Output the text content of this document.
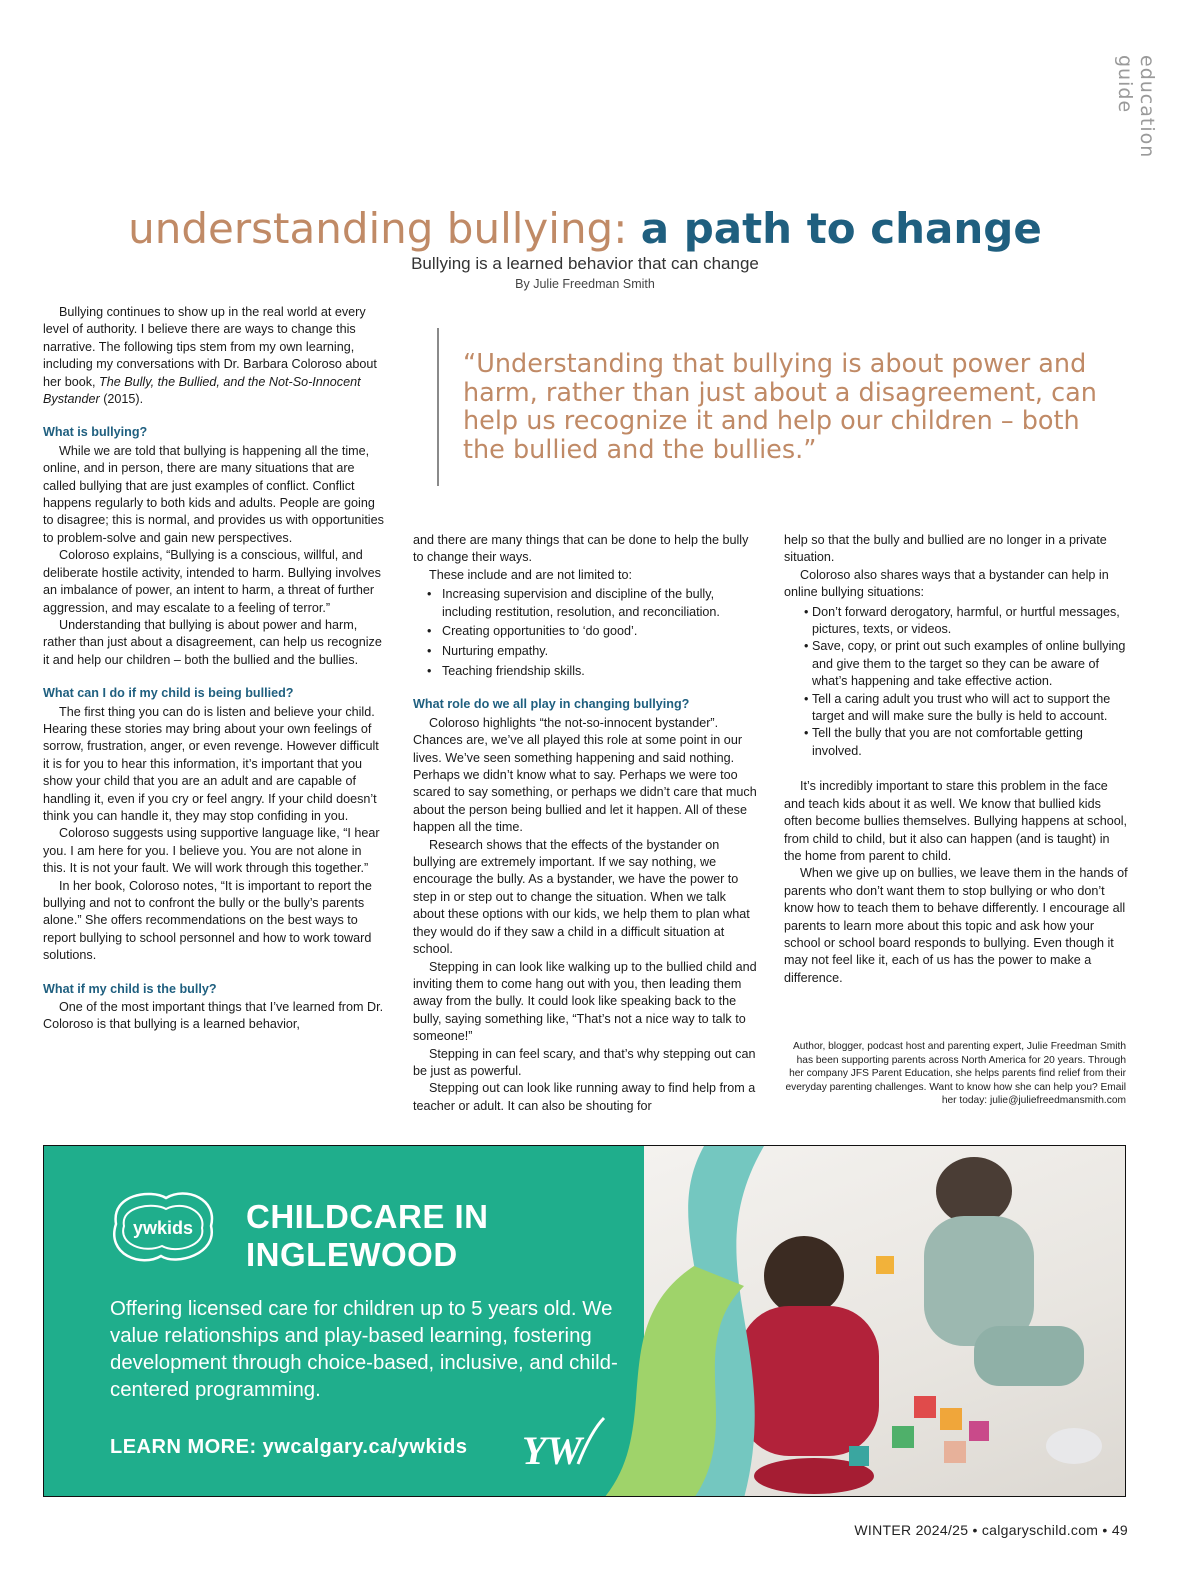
education guide
understanding bullying: a path to change
Bullying is a learned behavior that can change
By Julie Freedman Smith

Bullying continues to show up in the real world at every level of authority. I believe there are ways to change this narrative. The following tips stem from my own learning, including my conversations with Dr. Barbara Coloroso about her book, The Bully, the Bullied, and the Not-So-Innocent Bystander (2015).

What is bullying?

While we are told that bullying is happening all the time, online, and in person, there are many situations that are called bullying that are just examples of conflict. Conflict happens regularly to both kids and adults. People are going to disagree; this is normal, and provides us with opportunities to problem-solve and gain new perspectives.

Coloroso explains, “Bullying is a conscious, willful, and deliberate hostile activity, intended to harm. Bullying involves an imbalance of power, an intent to harm, a threat of further aggression, and may escalate to a feeling of terror.”

Understanding that bullying is about power and harm, rather than just about a disagreement, can help us recognize it and help our children – both the bullied and the bullies.

What can I do if my child is being bullied?

The first thing you can do is listen and believe your child. Hearing these stories may bring about your own feelings of sorrow, frustration, anger, or even revenge. However difficult it is for you to hear this information, it’s important that you show your child that you are an adult and are capable of handling it, even if you cry or feel angry. If your child doesn’t think you can handle it, they may stop confiding in you.

Coloroso suggests using supportive language like, “I hear you. I am here for you. I believe you. You are not alone in this. It is not your fault. We will work through this together.”

In her book, Coloroso notes, “It is important to report the bullying and not to confront the bully or the bully’s parents alone.” She offers recommendations on the best ways to report bullying to school personnel and how to work toward solutions.

What if my child is the bully?

One of the most important things that I’ve learned from Dr. Coloroso is that bullying is a learned behavior,

“Understanding that bullying is about power and harm, rather than just about a disagreement, can help us recognize it and help our children – both the bullied and the bullies.”

and there are many things that can be done to help the bully to change their ways.

These include and are not limited to:

• Increasing supervision and discipline of the bully, including restitution, resolution, and reconciliation.
• Creating opportunities to ‘do good’.
• Nurturing empathy.
• Teaching friendship skills.
What role do we all play in changing bullying?

Coloroso highlights “the not-so-innocent bystander”. Chances are, we’ve all played this role at some point in our lives. We’ve seen something happening and said nothing. Perhaps we didn’t know what to say. Perhaps we were too scared to say something, or perhaps we didn’t care that much about the person being bullied and let it happen. All of these happen all the time.

Research shows that the effects of the bystander on bullying are extremely important. If we say nothing, we encourage the bully. As a bystander, we have the power to step in or step out to change the situation. When we talk about these options with our kids, we help them to plan what they would do if they saw a child in a difficult situation at school.

Stepping in can look like walking up to the bullied child and inviting them to come hang out with you, then leading them away from the bully. It could look like speaking back to the bully, saying something like, “That’s not a nice way to talk to someone!”

Stepping in can feel scary, and that’s why stepping out can be just as powerful.

Stepping out can look like running away to find help from a teacher or adult. It can also be shouting for

help so that the bully and bullied are no longer in a private situation.

Coloroso also shares ways that a bystander can help in online bullying situations:

• Don’t forward derogatory, harmful, or hurtful messages, pictures, texts, or videos.
• Save, copy, or print out such examples of online bullying and give them to the target so they can be aware of what’s happening and take effective action.
• Tell a caring adult you trust who will act to support the target and will make sure the bully is held to account.
• Tell the bully that you are not comfortable getting involved.

It’s incredibly important to stare this problem in the face and teach kids about it as well. We know that bullied kids often become bullies themselves. Bullying happens at school, from child to child, but it also can happen (and is taught) in the home from parent to child.

When we give up on bullies, we leave them in the hands of parents who don’t want them to stop bullying or who don’t know how to teach them to behave differently. I encourage all parents to learn more about this topic and ask how your school or school board responds to bullying. Even though it may not feel like it, each of us has the power to make a difference.

Author, blogger, podcast host and parenting expert, Julie Freedman Smith has been supporting parents across North America for 20 years. Through her company JFS Parent Education, she helps parents find relief from their everyday parenting challenges. Want to know how she can help you? Email her today: julie@juliefreedmansmith.com
ywkids CHILDCARE IN
INGLEWOOD
Offering licensed care for children up to 5 years old. We value relationships and play-based learning, fostering development through choice-based, inclusive, and child-centered programming.
LEARN MORE: ywcalgary.ca/ywkids YW
WINTER 2024/25 • calgaryschild.com • 49
